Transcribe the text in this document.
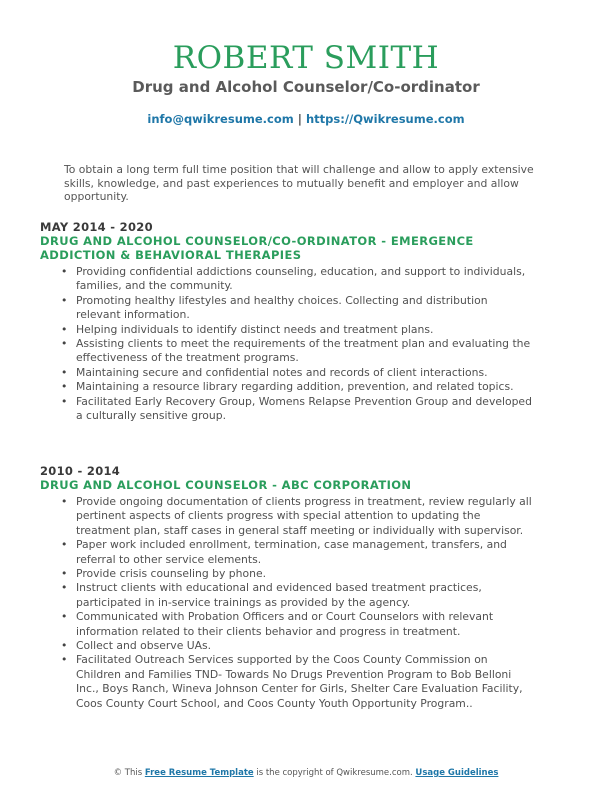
ROBERT SMITH
Drug and Alcohol Counselor/Co-ordinator
info@qwikresume.com | https://Qwikresume.com
To obtain a long term full time position that will challenge and allow to apply extensive skills, knowledge, and past experiences to mutually benefit and employer and allow opportunity.
MAY 2014 - 2020
DRUG AND ALCOHOL COUNSELOR/CO-ORDINATOR - EMERGENCE ADDICTION & BEHAVIORAL THERAPIES
• Providing confidential addictions counseling, education, and support to individuals, families, and the community.
• Promoting healthy lifestyles and healthy choices. Collecting and distribution relevant information.
• Helping individuals to identify distinct needs and treatment plans.
• Assisting clients to meet the requirements of the treatment plan and evaluating the effectiveness of the treatment programs.
• Maintaining secure and confidential notes and records of client interactions.
• Maintaining a resource library regarding addition, prevention, and related topics.
• Facilitated Early Recovery Group, Womens Relapse Prevention Group and developed a culturally sensitive group.
2010 - 2014
DRUG AND ALCOHOL COUNSELOR - ABC CORPORATION
• Provide ongoing documentation of clients progress in treatment, review regularly all pertinent aspects of clients progress with special attention to updating the treatment plan, staff cases in general staff meeting or individually with supervisor.
• Paper work included enrollment, termination, case management, transfers, and referral to other service elements.
• Provide crisis counseling by phone.
• Instruct clients with educational and evidenced based treatment practices, participated in in-service trainings as provided by the agency.
• Communicated with Probation Officers and or Court Counselors with relevant information related to their clients behavior and progress in treatment.
• Collect and observe UAs.
• Facilitated Outreach Services supported by the Coos County Commission on Children and Families TND- Towards No Drugs Prevention Program to Bob Belloni Inc., Boys Ranch, Wineva Johnson Center for Girls, Shelter Care Evaluation Facility, Coos County Court School, and Coos County Youth Opportunity Program..
© This Free Resume Template is the copyright of Qwikresume.com. Usage Guidelines
